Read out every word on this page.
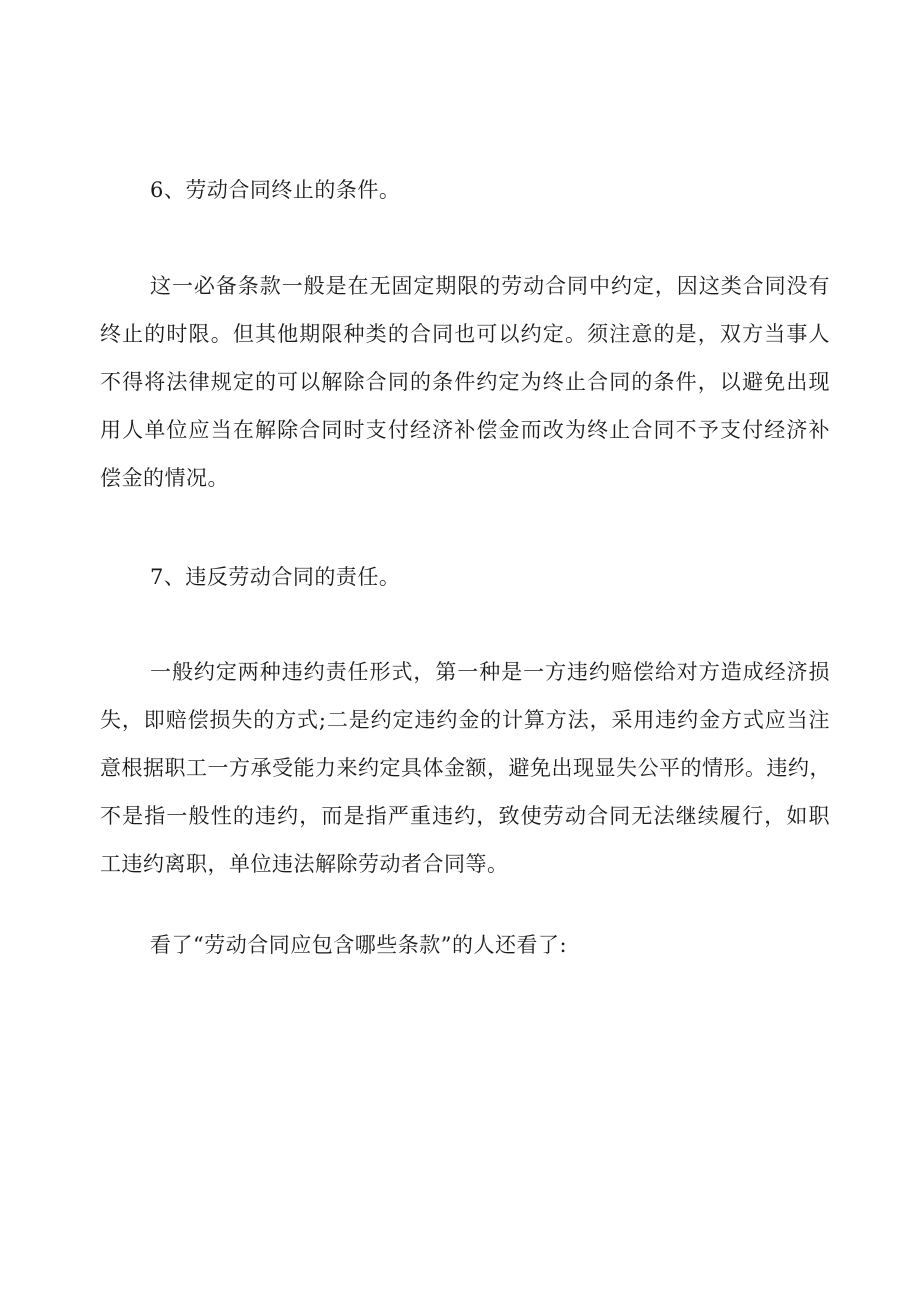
6、劳动合同终止的条件。
这一必备条款一般是在无固定期限的劳动合同中约定，因这类合同没有
终止的时限。但其他期限种类的合同也可以约定。须注意的是，双方当事人
不得将法律规定的可以解除合同的条件约定为终止合同的条件，以避免出现
用人单位应当在解除合同时支付经济补偿金而改为终止合同不予支付经济补
偿金的情况。
7、违反劳动合同的责任。
一般约定两种违约责任形式，第一种是一方违约赔偿给对方造成经济损
失，即赔偿损失的方式;二是约定违约金的计算方法，采用违约金方式应当注
意根据职工一方承受能力来约定具体金额，避免出现显失公平的情形。违约，
不是指一般性的违约，而是指严重违约，致使劳动合同无法继续履行，如职
工违约离职，单位违法解除劳动者合同等。
看了“劳动合同应包含哪些条款”的人还看了:
